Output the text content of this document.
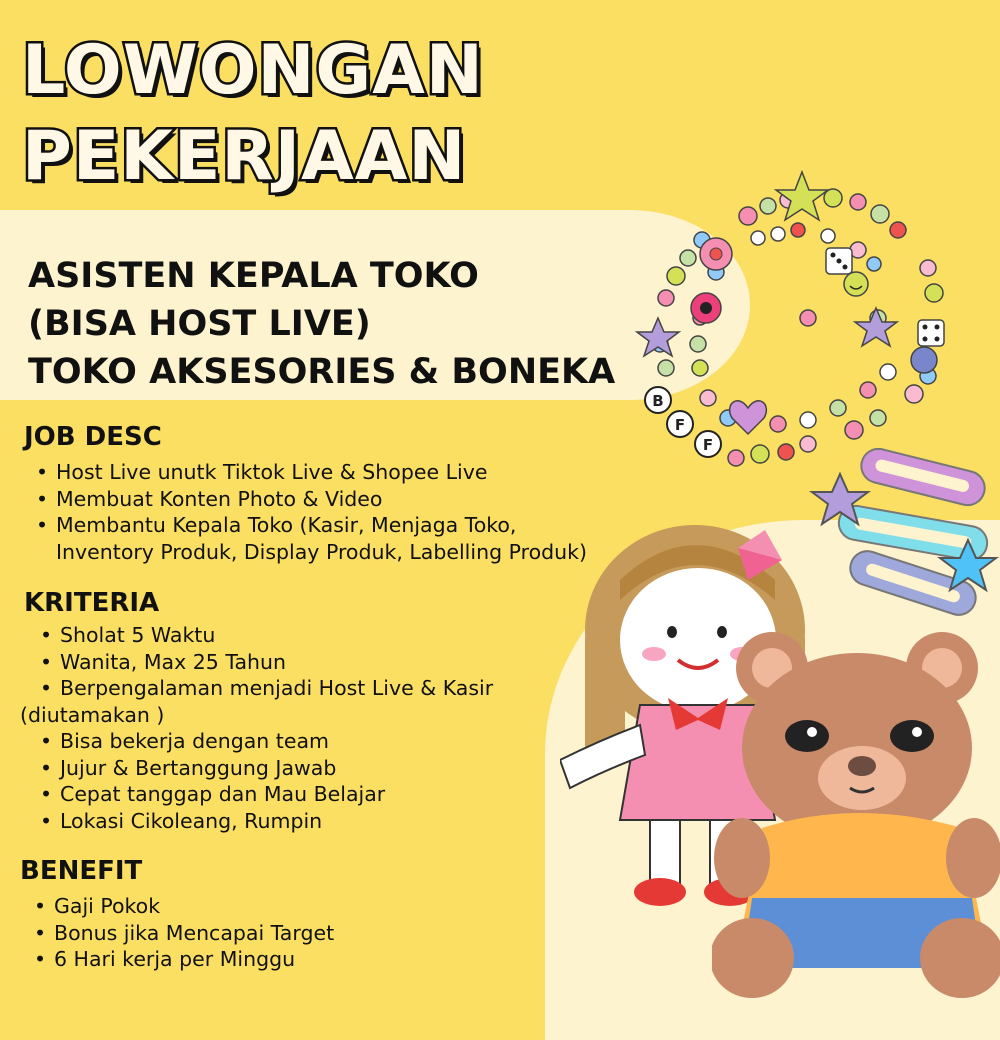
LOWONGAN
PEKERJAAN
ASISTEN KEPALA TOKO
(BISA HOST LIVE)
TOKO AKSESORIES & BONEKA
JOB DESC
• Host Live unutk Tiktok Live & Shopee Live
• Membuat Konten Photo & Video
• Membantu Kepala Toko (Kasir, Menjaga Toko,
Inventory Produk, Display Produk, Labelling Produk)
KRITERIA
• Sholat 5 Waktu
• Wanita, Max 25 Tahun
• Berpengalaman menjadi Host Live & Kasir
(diutamakan )
• Bisa bekerja dengan team
• Jujur & Bertanggung Jawab
• Cepat tanggap dan Mau Belajar
• Lokasi Cikoleang, Rumpin
BENEFIT
• Gaji Pokok
• Bonus jika Mencapai Target
• 6 Hari kerja per Minggu
B
F
F
